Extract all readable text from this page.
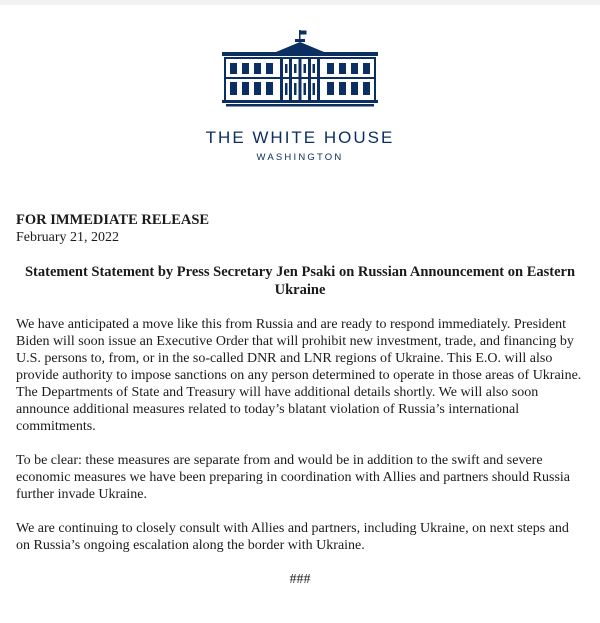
THE WHITE HOUSE
WASHINGTON
FOR IMMEDIATE RELEASE
February 21, 2022
Statement Statement by Press Secretary Jen Psaki on Russian Announcement on Eastern Ukraine
We have anticipated a move like this from Russia and are ready to respond immediately. President Biden will soon issue an Executive Order that will prohibit new investment, trade, and financing by U.S. persons to, from, or in the so-called DNR and LNR regions of Ukraine. This E.O. will also provide authority to impose sanctions on any person determined to operate in those areas of Ukraine. The Departments of State and Treasury will have additional details shortly. We will also soon announce additional measures related to today’s blatant violation of Russia’s international commitments.
To be clear: these measures are separate from and would be in addition to the swift and severe economic measures we have been preparing in coordination with Allies and partners should Russia further invade Ukraine.
We are continuing to closely consult with Allies and partners, including Ukraine, on next steps and on Russia’s ongoing escalation along the border with Ukraine.
###
